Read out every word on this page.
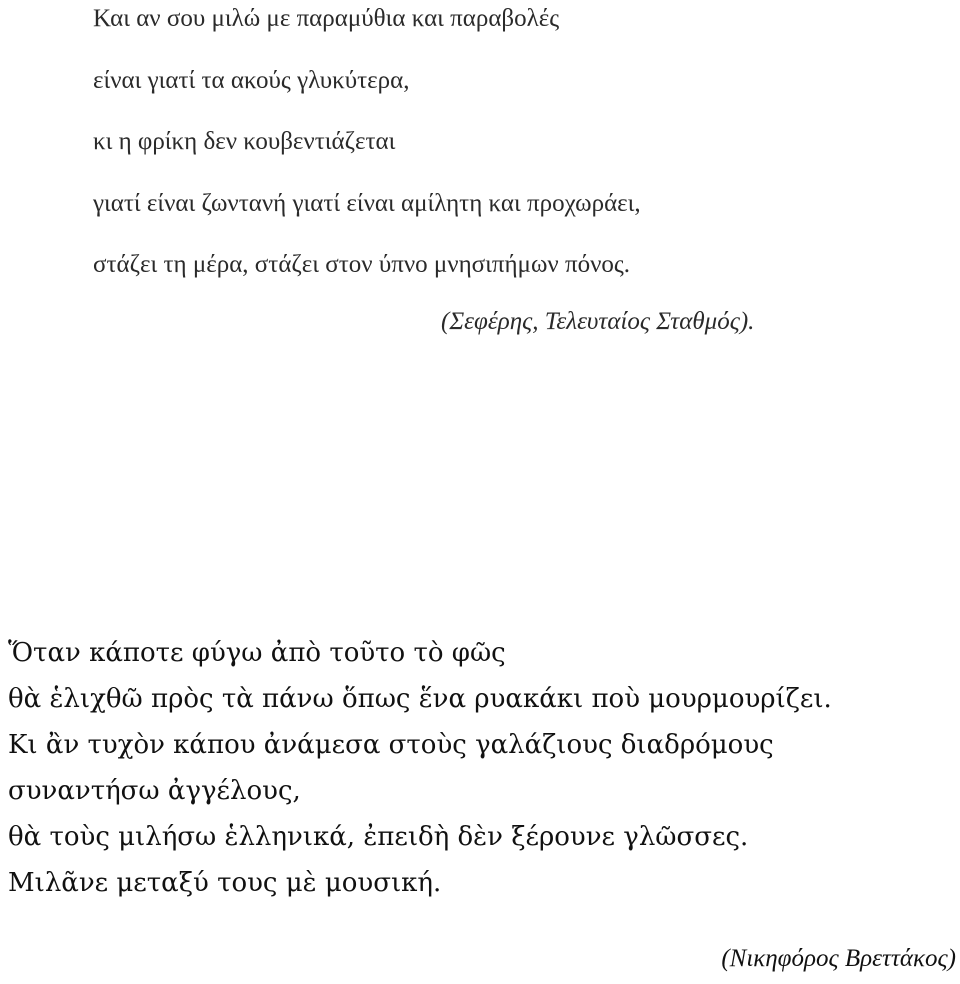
Και αν σου μιλώ με παραμύθια και παραβολές
είναι γιατί τα ακούς γλυκύτερα,
κι η φρίκη δεν κουβεντιάζεται
γιατί είναι ζωντανή γιατί είναι αμίλητη και προχωράει,
στάζει τη μέρα, στάζει στον ύπνο μνησιπήμων πόνος.
(Σεφέρης, Τελευταίος Σταθμός).
Ὅταν κάποτε φύγω ἀπὸ τοῦτο τὸ φῶς
θὰ ἑλιχθῶ πρὸς τὰ πάνω ὅπως ἕνα ρυακάκι ποὺ μουρμουρίζει.
Κι ἂν τυχὸν κάπου ἀνάμεσα στοὺς γαλάζιους διαδρόμους
συναντήσω ἀγγέλους,
θὰ τοὺς μιλήσω ἑλληνικά, ἐπειδὴ δὲν ξέρουνε γλῶσσες.
Μιλᾶνε μεταξύ τους μὲ μουσική.
(Νικηφόρος Βρεττάκος)
